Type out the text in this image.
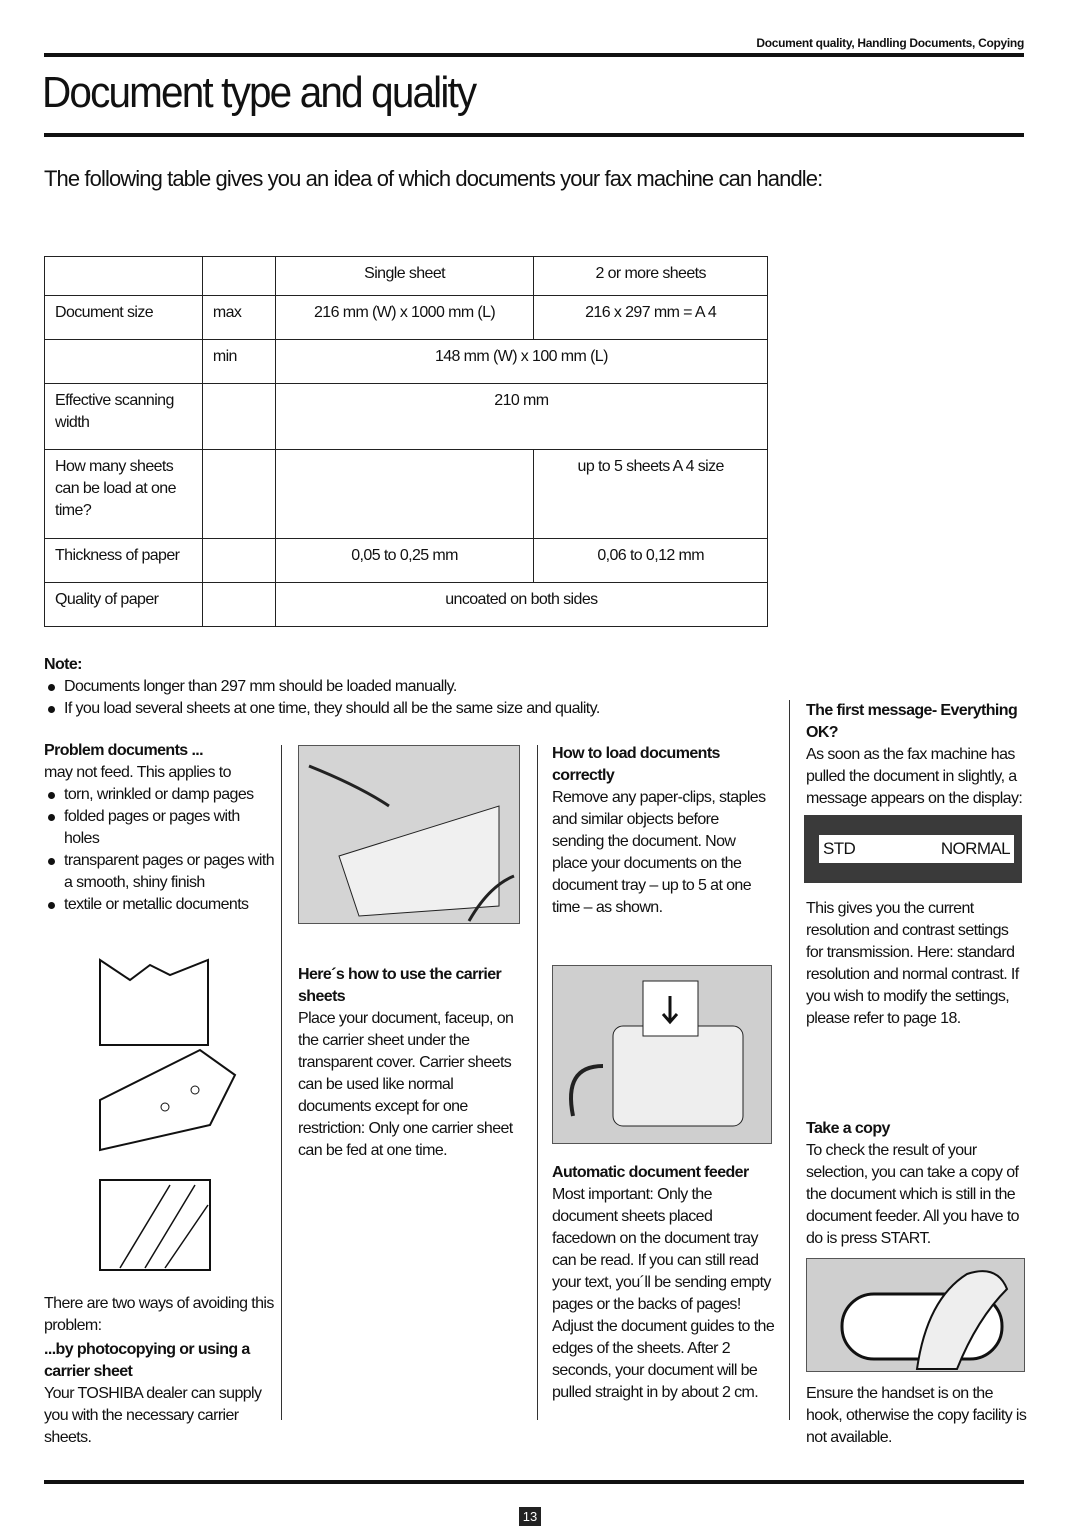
Document quality, Handling Documents, Copying
Document type and quality
The following table gives you an idea of which documents your fax machine can handle:
		Single sheet	2 or more sheets
Document size	max	216 mm (W) x 1000 mm (L)	216 x 297 mm = A 4
	min	148 mm (W) x 100 mm (L)	
Effective scanning width		210 mm	
How many sheets can be load at one time?			up to 5 sheets A 4 size
Thickness of paper		0,05 to 0,25 mm	0,06 to 0,12 mm
Quality of paper		uncoated on both sides	
Note:
Documents longer than 297 mm should be loaded manually.
If you load several sheets at one time, they should all be the same size and quality.
Problem documents ...
may not feed. This applies to
torn, wrinkled or damp pages
folded pages or pages with holes
transparent pages or pages with a smooth, shiny finish
textile or metallic documents
There are two ways of avoiding this problem:
...by photocopying or using a carrier sheet
Your TOSHIBA dealer can supply you with the necessary carrier sheets.
Here´s how to use the carrier sheets
Place your document, faceup, on the carrier sheet under the transparent cover. Carrier sheets can be used like normal documents except for one restriction: Only one carrier sheet can be fed at one time.
How to load documents correctly
Remove any paper-clips, staples and similar objects before sending the document. Now place your documents on the document tray – up to 5 at one time – as shown.
Automatic document feeder
Most important: Only the document sheets placed facedown on the document tray can be read. If you can still read your text, you´ll be sending empty pages or the backs of pages! Adjust the document guides to the edges of the sheets. After 2 seconds, your document will be pulled straight in by about 2 cm.
The first message- Everything OK?
As soon as the fax machine has pulled the document in slightly, a message appears on the display:
STD	NORMAL
This gives you the current resolution and contrast settings for transmission. Here: standard resolution and normal contrast. If you wish to modify the settings, please refer to page 18.
Take a copy
To check the result of your selection, you can take a copy of the document which is still in the document feeder. All you have to do is press START.
Ensure the handset is on the hook, otherwise the copy facility is not available.
13
